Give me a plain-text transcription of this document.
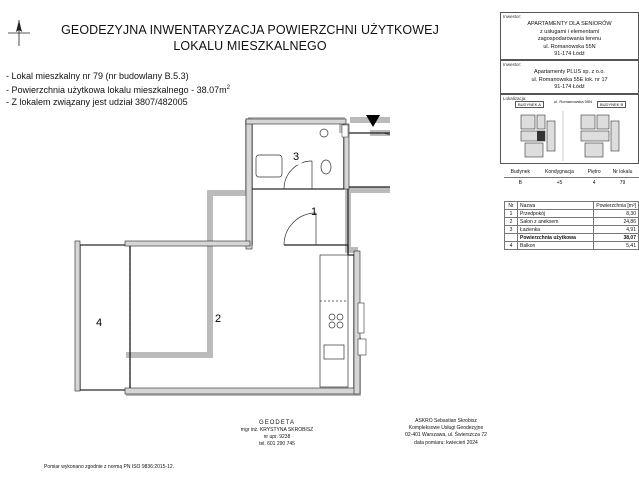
GEODEZYJNA INWENTARYZACJA POWIERZCHNI UŻYTKOWEJ
LOKALU MIESZKALNEGO
- Lokal mieszkalny nr 79 (nr budowlany B.5.3)
- Powierzchnia użytkowa lokalu mieszkalnego - $38.07m^2$
- Z lokalem związany jest udział 3807/482005
Inwestor:
APARTAMENTY DLA SENIORÓW
z usługami i elementami
zagospodarowania terenu
ul. Romanowska 55N
91-174 Łódź
Inwestor:
Apartamenty PLUS sp. z o.o.
ul. Romanowska 55E lok. nr 17
91-174 Łódź
Lokalizacja:
BUDYNEK A
ul. Romanowska 55N
BUDYNEK B
Budynek	Kondygnacja	Piętro	Nr lokalu
B	+5	4	79
Nr	Nazwa	Powierzchnia [m²]
1	Przedpokój	8,30
2	Salon z aneksem	24,86
3	Łazienka	4,91
	Powierzchnia użytkowa	38,07
4	Balkon	5,41
3
1
2
4
GEODETA
mgr inż. KRYSTYNA SKROBISZ
nr upr. 9238
tel. 601 290 745
ASKRO Sebastian Skrobisz
Kompleksowe Usługi Geodezyjne
02-401 Warszawa, ul. Świerszcza 72
data pomiaru: kwiecień 2024
Pomiar wykonano zgodnie z normą PN ISO 9836:2015-12.
